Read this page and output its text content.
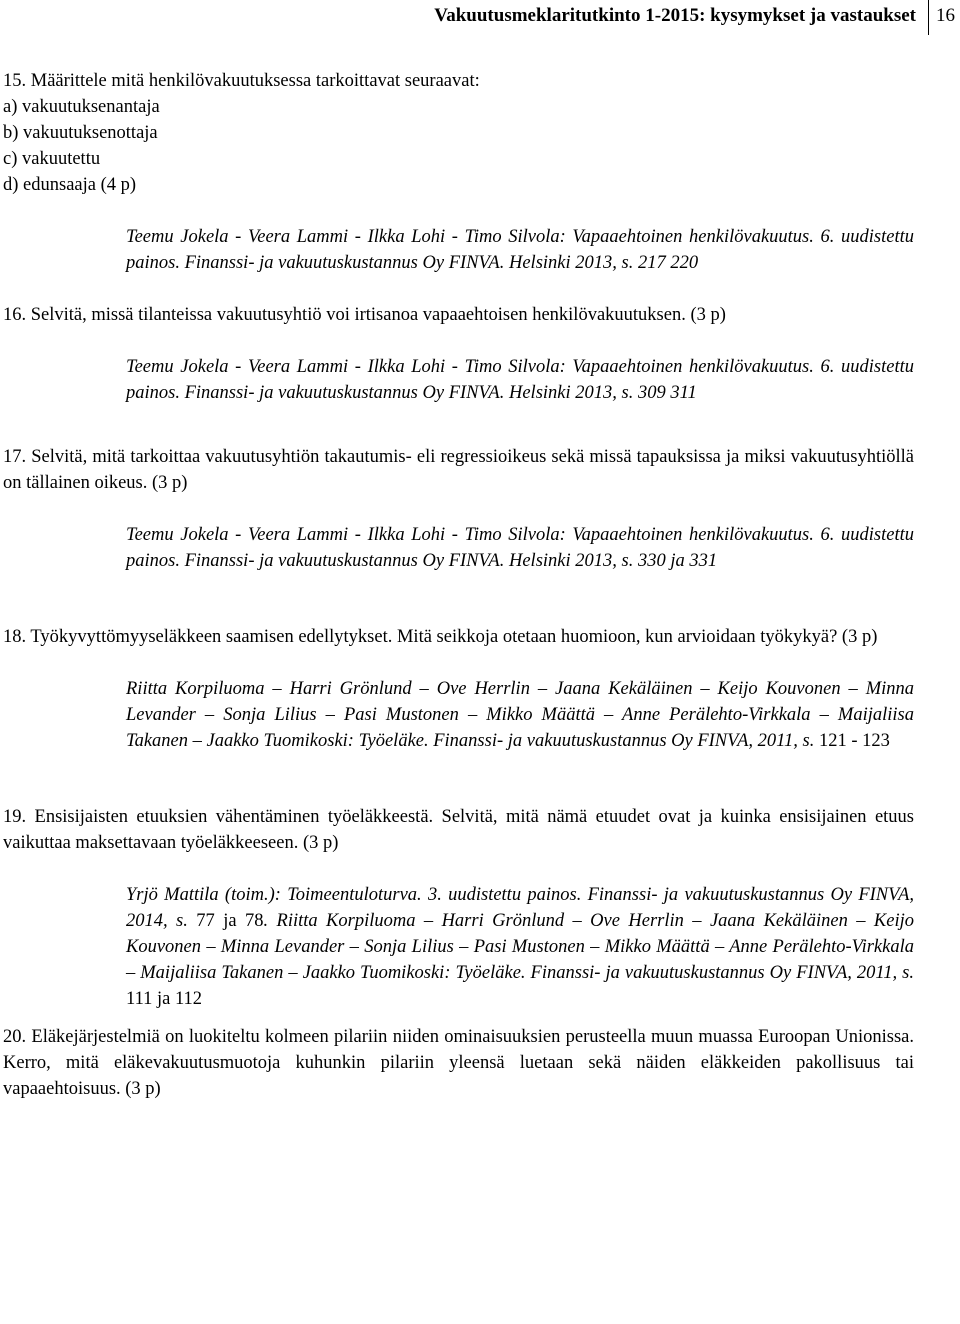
Vakuutusmeklaritutkinto 1-2015: kysymykset ja vastaukset 16

15. Määrittele mitä henkilövakuutuksessa tarkoittavat seuraavat:

a) vakuutuksenantaja

b) vakuutuksenottaja

c) vakuutettu

d) edunsaaja (4 p)

Teemu Jokela - Veera Lammi - Ilkka Lohi - Timo Silvola: Vapaaehtoinen henkilövakuutus. 6. uudistettu painos. Finanssi- ja vakuutuskustannus Oy FINVA. Helsinki 2013, s. 217 220

16. Selvitä, missä tilanteissa vakuutusyhtiö voi irtisanoa vapaaehtoisen henkilövakuutuksen. (3 p)

Teemu Jokela - Veera Lammi - Ilkka Lohi - Timo Silvola: Vapaaehtoinen henkilövakuutus. 6. uudistettu painos. Finanssi- ja vakuutuskustannus Oy FINVA. Helsinki 2013, s. 309 311

17. Selvitä, mitä tarkoittaa vakuutusyhtiön takautumis- eli regressioikeus sekä missä tapauksissa ja miksi vakuutusyhtiöllä on tällainen oikeus. (3 p)

Teemu Jokela - Veera Lammi - Ilkka Lohi - Timo Silvola: Vapaaehtoinen henkilövakuutus. 6. uudistettu painos. Finanssi- ja vakuutuskustannus Oy FINVA. Helsinki 2013, s. 330 ja 331

18. Työkyvyttömyyseläkkeen saamisen edellytykset. Mitä seikkoja otetaan huomioon, kun arvioidaan työkykyä? (3 p)

Riitta Korpiluoma – Harri Grönlund – Ove Herrlin – Jaana Kekäläinen – Keijo Kouvonen – Minna Levander – Sonja Lilius – Pasi Mustonen – Mikko Määttä – Anne Perälehto-Virkkala – Maijaliisa Takanen – Jaakko Tuomikoski: Työeläke. Finanssi- ja vakuutuskustannus Oy FINVA, 2011, s. 121 - 123

19. Ensisijaisten etuuksien vähentäminen työeläkkeestä. Selvitä, mitä nämä etuudet ovat ja kuinka ensisijainen etuus vaikuttaa maksettavaan työeläkkeeseen. (3 p)

Yrjö Mattila (toim.): Toimeentuloturva. 3. uudistettu painos. Finanssi- ja vakuutuskustannus Oy FINVA, 2014, s. 77 ja 78. Riitta Korpiluoma – Harri Grönlund – Ove Herrlin – Jaana Kekäläinen – Keijo Kouvonen – Minna Levander – Sonja Lilius – Pasi Mustonen – Mikko Määttä – Anne Perälehto-Virkkala – Maijaliisa Takanen – Jaakko Tuomikoski: Työeläke. Finanssi- ja vakuutuskustannus Oy FINVA, 2011, s. 111 ja 112

20. Eläkejärjestelmiä on luokiteltu kolmeen pilariin niiden ominaisuuksien perusteella muun muassa Euroopan Unionissa. Kerro, mitä eläkevakuutusmuotoja kuhunkin pilariin yleensä luetaan sekä näiden eläkkeiden pakollisuus tai vapaaehtoisuus. (3 p)
